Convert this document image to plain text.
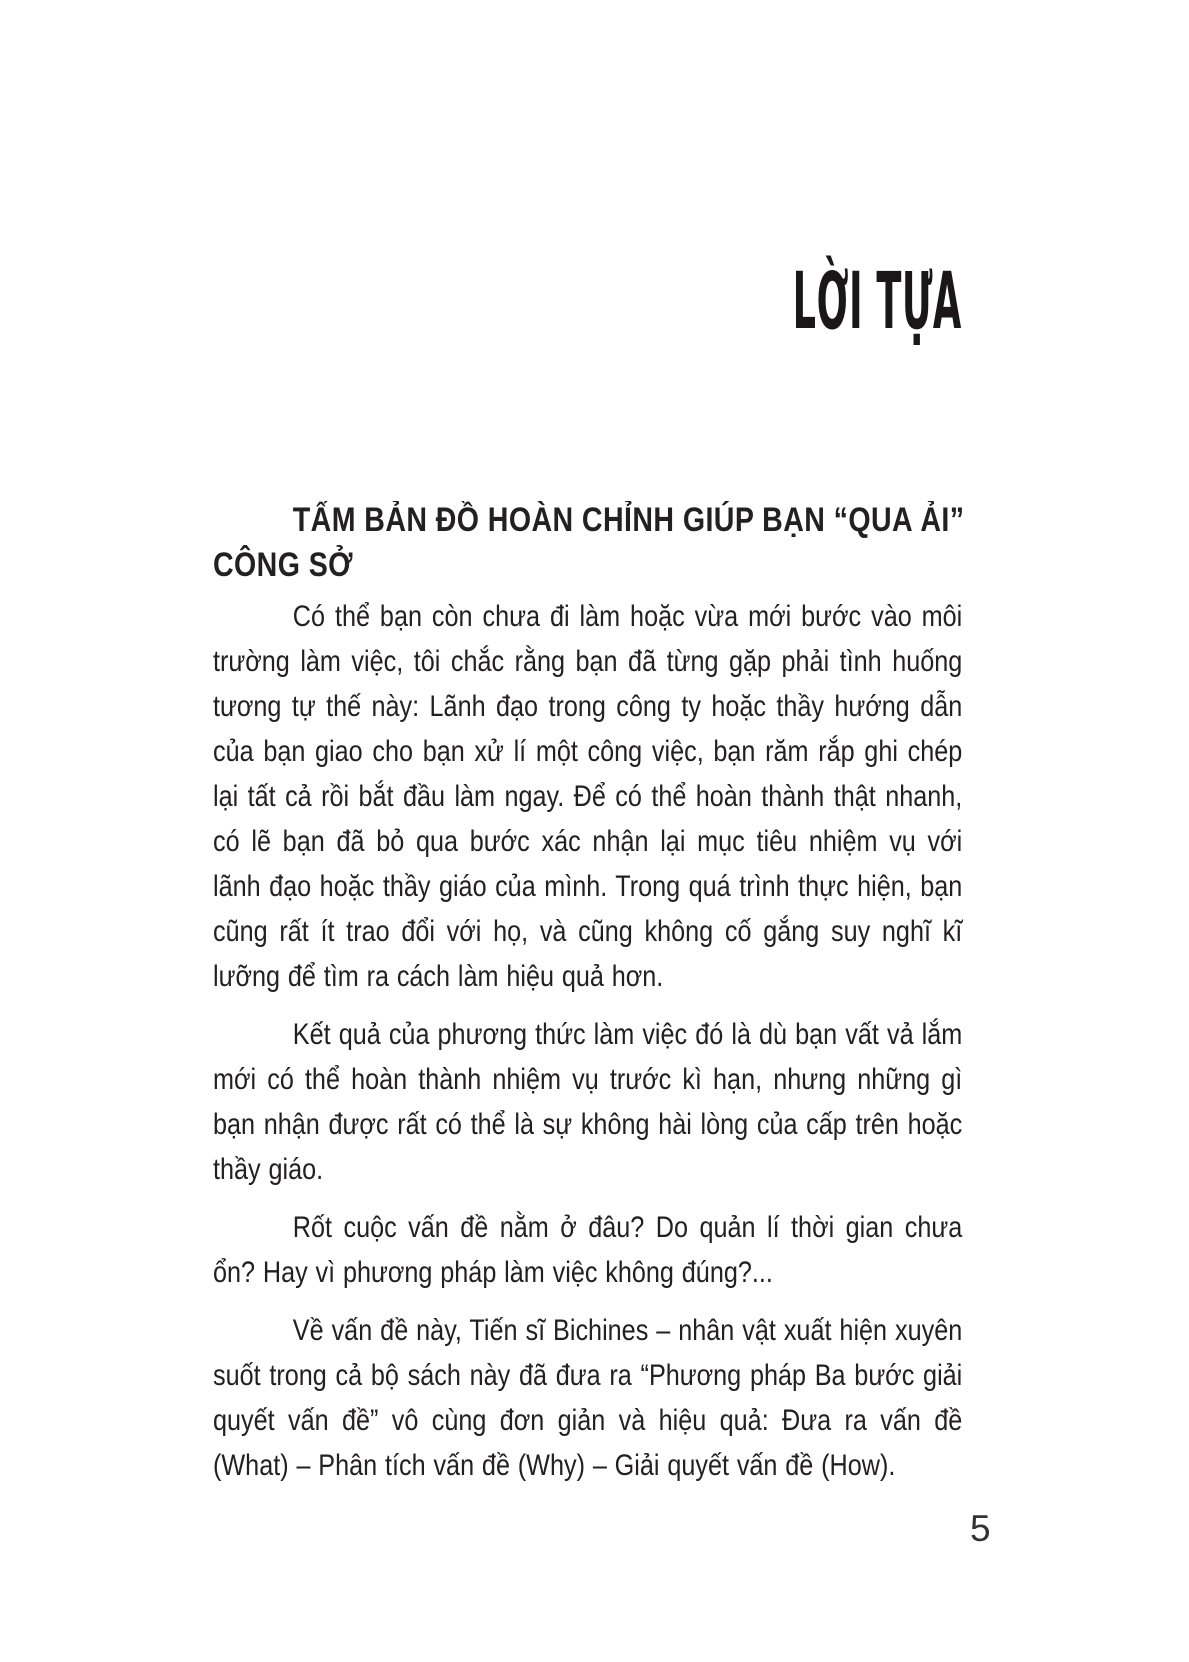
LỜI TỰA
TẤM BẢN ĐỒ HOÀN CHỈNH GIÚP BẠN “QUA ẢI”
CÔNG SỞ

Có thể bạn còn chưa đi làm hoặc vừa mới bước vào môi trường làm việc, tôi chắc rằng bạn đã từng gặp phải tình huống tương tự thế này: Lãnh đạo trong công ty hoặc thầy hướng dẫn của bạn giao cho bạn xử lí một công việc, bạn răm rắp ghi chép lại tất cả rồi bắt đầu làm ngay. Để có thể hoàn thành thật nhanh, có lẽ bạn đã bỏ qua bước xác nhận lại mục tiêu nhiệm vụ với lãnh đạo hoặc thầy giáo của mình. Trong quá trình thực hiện, bạn cũng rất ít trao đổi với họ, và cũng không cố gắng suy nghĩ kĩ lưỡng để tìm ra cách làm hiệu quả hơn.

Kết quả của phương thức làm việc đó là dù bạn vất vả lắm mới có thể hoàn thành nhiệm vụ trước kì hạn, nhưng những gì bạn nhận được rất có thể là sự không hài lòng của cấp trên hoặc thầy giáo.

Rốt cuộc vấn đề nằm ở đâu? Do quản lí thời gian chưa ổn? Hay vì phương pháp làm việc không đúng?...

Về vấn đề này, Tiến sĩ Bichines – nhân vật xuất hiện xuyên suốt trong cả bộ sách này đã đưa ra “Phương pháp Ba bước giải quyết vấn đề” vô cùng đơn giản và hiệu quả: Đưa ra vấn đề (What) – Phân tích vấn đề (Why) – Giải quyết vấn đề (How).

5
